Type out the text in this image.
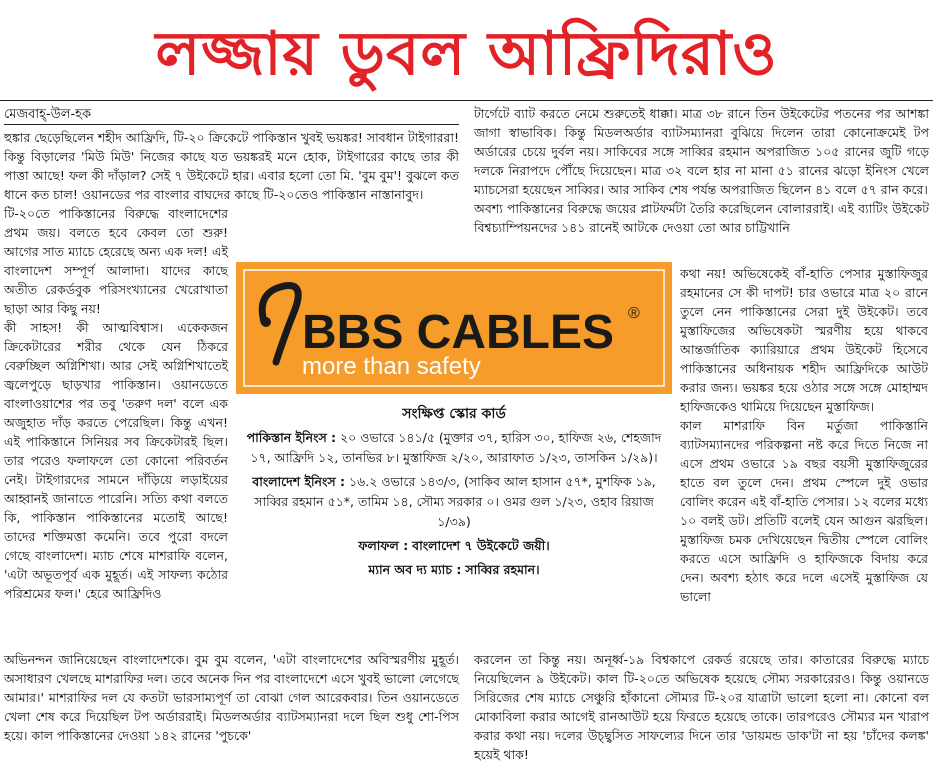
লজ্জায় ডুবল আফ্রিদিরাও
মেজবাহ্-উল-হক

হুঙ্কার ছেড়েছিলেন শহীদ আফ্রিদি, টি-২০ ক্রিকেটে পাকিস্তান খুবই ভয়ঙ্কর! সাবধান টাইগাররা! কিন্তু বিড়ালের 'মিউ মিউ' নিজের কাছে যত ভয়ঙ্করই মনে হোক, টাইগারের কাছে তার কী পাত্তা আছে! ফল কী দাঁড়াল? সেই ৭ উইকেটে হার। এবার হলো তো মি. 'বুম বুম'! বুঝলে কত ধানে কত চাল! ওয়ানডের পর বাংলার বাঘদের কাছে টি-২০তেও পাকিস্তান নাস্তানাবুদ।

টি-২০তে পাকিস্তানের বিরুদ্ধে বাংলাদেশের প্রথম জয়। বলতে হবে কেবল তো শুরু! আগের সাত ম্যাচে হেরেছে অন্য এক দল! এই বাংলাদেশ সম্পূর্ণ আলাদা। যাদের কাছে অতীত রেকর্ডবুক পরিসংখ্যানের খেরোখাতা ছাড়া আর কিছু নয়!

কী সাহস! কী আত্মবিশ্বাস। একেকজন ক্রিকেটারের শরীর থেকে যেন ঠিকরে বেরুচ্ছিল অগ্নিশিখা। আর সেই অগ্নিশিখাতেই জ্বলেপুড়ে ছাড়খার পাকিস্তান। ওয়ানডেতে বাংলাওয়াশের পর তবু 'তরুণ দল' বলে এক অজুহাত দাঁড় করতে পেরেছিল। কিন্তু এখন! এই পাকিস্তানে সিনিয়র সব ক্রিকেটারই ছিল। তার পরেও ফলাফলে তো কোনো পরিবর্তন নেই। টাইগারদের সামনে দাঁড়িয়ে লড়াইয়ের আহ্বানই জানাতে পারেনি। সত্যি কথা বলতে কি, পাকিস্তান পাকিস্তানের মতোই আছে! তাদের শক্তিমত্তা কমেনি। তবে পুরো বদলে গেছে বাংলাদেশ। ম্যাচ শেষে মাশরাফি বলেন, 'এটা অভূতপূর্ব এক মুহূর্ত। এই সাফল্য কঠোর পরিশ্রমের ফল।' হেরে আফ্রিদিও

টার্গেটে ব্যাট করতে নেমে শুরুতেই ধাক্কা। মাত্র ৩৮ রানে তিন উইকেটের পতনের পর আশঙ্কা জাগা স্বাভাবিক। কিন্তু মিডলঅর্ডার ব্যাটসম্যানরা বুঝিয়ে দিলেন তারা কোনোক্রমেই টপ অর্ডারের চেয়ে দুর্বল নয়। সাকিবের সঙ্গে সাব্বির রহমান অপরাজিত ১০৫ রানের জুটি গড়ে দলকে নিরাপদে পৌঁছে দিয়েছেন। মাত্র ৩২ বলে হার না মানা ৫১ রানের ঝড়ো ইনিংস খেলে ম্যাচসেরা হয়েছেন সাব্বির। আর সাকিব শেষ পর্যন্ত অপরাজিত ছিলেন ৪১ বলে ৫৭ রান করে।

অবশ্য পাকিস্তানের বিরুদ্ধে জয়ের প্লাটফর্মটা তৈরি করেছিলেন বোলাররাই। এই ব্যাটিং উইকেট বিশ্বচ্যাম্পিয়নদের ১৪১ রানেই আটকে দেওয়া তো আর চাট্টিখানি

কথা নয়! অভিষেকেই বাঁ-হাতি পেসার মুস্তাফিজুর রহমানের সে কী দাপট! চার ওভারে মাত্র ২০ রানে তুলে নেন পাকিস্তানের সেরা দুই উইকেট। তবে মুস্তাফিজের অভিষেকটা স্মরণীয় হয়ে থাকবে আন্তর্জাতিক ক্যারিয়ারে প্রথম উইকেট হিসেবে পাকিস্তানের অধিনায়ক শহীদ আফ্রিদিকে আউট করার জন্য। ভয়ঙ্কর হয়ে ওঠার সঙ্গে সঙ্গে মোহাম্মদ হাফিজকেও থামিয়ে দিয়েছেন মুস্তাফিজ।

কাল মাশরাফি বিন মর্তুজা পাকিস্তানি ব্যাটসম্যানদের পরিকল্পনা নষ্ট করে দিতে নিজে না এসে প্রথম ওভারে ১৯ বছর বয়সী মুস্তাফিজুরের হাতে বল তুলে দেন। প্রথম স্পেলে দুই ওভার বোলিং করেন এই বাঁ-হাতি পেসার। ১২ বলের মধ্যে ১০ বলই ডট। প্রতিটি বলেই যেন আগুন ঝরছিল। মুস্তাফিজ চমক দেখিয়েছেন দ্বিতীয় স্পেলে বোলিং করতে এসে আফ্রিদি ও হাফিজকে বিদায় করে দেন। অবশ্য হঠাৎ করে দলে এসেই মুস্তাফিজ যে ভালো

BBS CABLES ®
more than safety
সংক্ষিপ্ত স্কোর কার্ড
পাকিস্তান ইনিংস : ২০ ওভারে ১৪১/৫ (মুক্তার ৩৭, হারিস ৩০, হাফিজ ২৬, শেহজাদ ১৭, আফ্রিদি ১২, তানভির ৮। মুস্তাফিজ ২/২০, আরাফাত ১/২৩, তাসকিন ১/২৯)।
বাংলাদেশ ইনিংস : ১৬.২ ওভারে ১৪৩/৩, (সাকিব আল হাসান ৫৭*, মুশফিক ১৯, সাব্বির রহমান ৫১*, তামিম ১৪, সৌম্য সরকার ০। ওমর গুল ১/২৩, ওহাব রিয়াজ ১/৩৯)
ফলাফল : বাংলাদেশ ৭ উইকেটে জয়ী।
ম্যান অব দ্য ম্যাচ : সাব্বির রহমান।

অভিনন্দন জানিয়েছেন বাংলাদেশকে। বুম বুম বলেন, 'এটা বাংলাদেশের অবিস্মরণীয় মুহূর্ত। অসাধারণ খেলছে মাশরাফির দল। তবে অনেক দিন পর বাংলাদেশে এসে খুবই ভালো লেগেছে আমার।' মাশরাফির দল যে কতটা ভারসাম্যপূর্ণ তা বোঝা গেল আরেকবার। তিন ওয়ানডেতে খেলা শেষ করে দিয়েছিল টপ অর্ডাররাই। মিডলঅর্ডার ব্যাটসম্যানরা দলে ছিল শুধু শো-পিস হয়ে। কাল পাকিস্তানের দেওয়া ১৪২ রানের 'পুচকে'

করলেন তা কিন্তু নয়। অনূর্ধ্ব-১৯ বিশ্বকাপে রেকর্ড রয়েছে তার। কাতারের বিরুদ্ধে ম্যাচে নিয়েছিলেন ৯ উইকেট। কাল টি-২০তে অভিষেক হয়েছে সৌম্য সরকারেরও। কিন্তু ওয়ানডে সিরিজের শেষ ম্যাচে সেঞ্চুরি হাঁকানো সৌম্যর টি-২০র যাত্রাটা ভালো হলো না। কোনো বল মোকাবিলা করার আগেই রানআউট হয়ে ফিরতে হয়েছে তাকে। তারপরেও সৌম্যর মন খারাপ করার কথা নয়। দলের উচ্ছ্বসিত সাফল্যের দিনে তার 'ডায়মন্ড ডাক'টা না হয় 'চাঁদের কলঙ্ক' হয়েই থাক!
